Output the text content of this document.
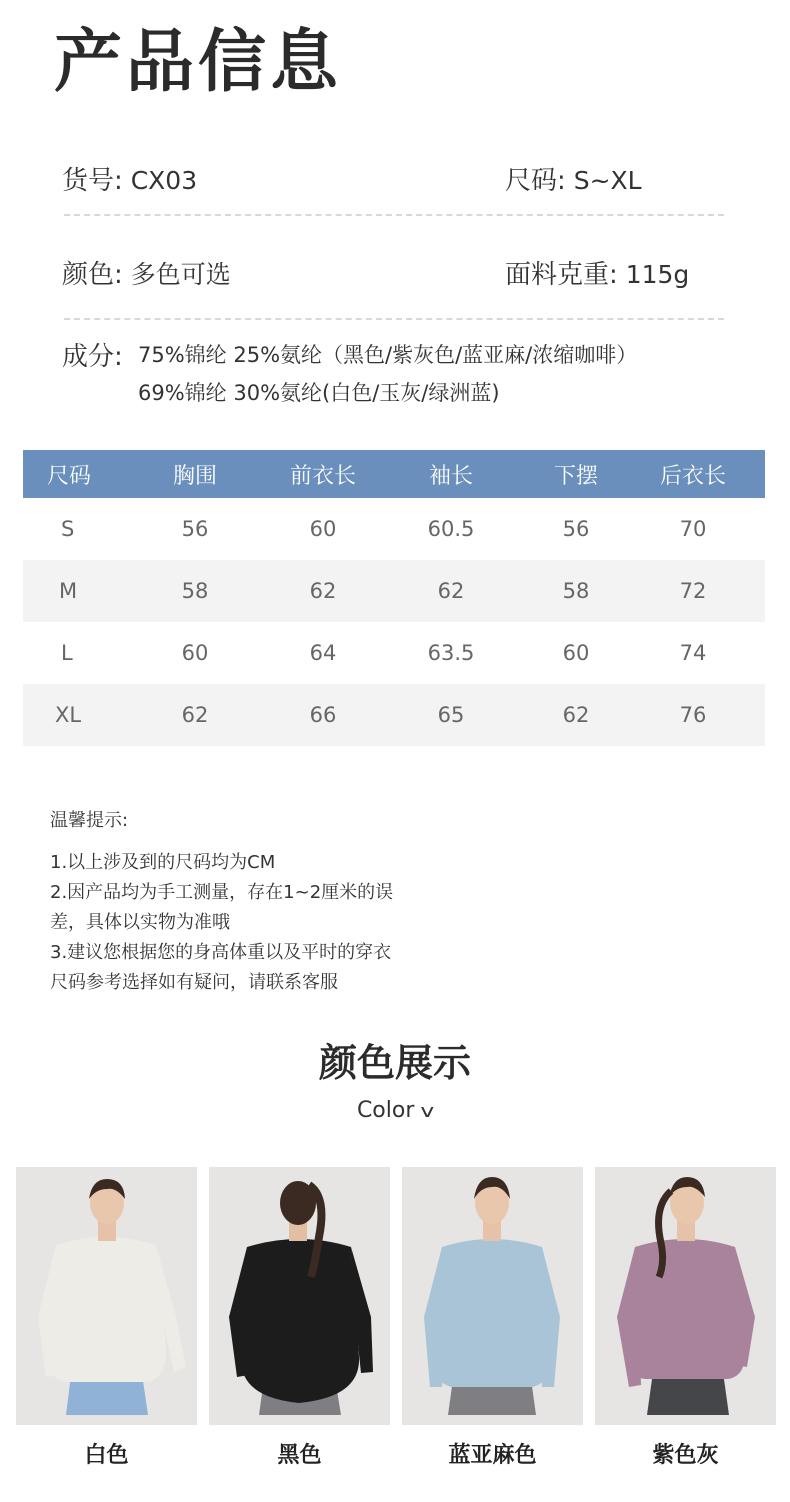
产品信息
货号: CX03	尺码: S~XL
颜色: 多色可选	面料克重: 115g
成分: 75%锦纶 25%氨纶（黑色/紫灰色/蓝亚麻/浓缩咖啡）
69%锦纶 30%氨纶(白色/玉灰/绿洲蓝)
尺码	胸围	前衣长	袖长	下摆	后衣长
S	56	60	60.5	56	70
M	58	62	62	58	72
L	60	64	63.5	60	74
XL	62	66	65	62	76
温馨提示:
1.以上涉及到的尺码均为CM
2.因产品均为手工测量，存在1~2厘米的误
差，具体以实物为准哦
3.建议您根据您的身高体重以及平时的穿衣
尺码参考选择如有疑问，请联系客服
颜色展示
Color v
白色	黑色	蓝亚麻色	紫色灰
